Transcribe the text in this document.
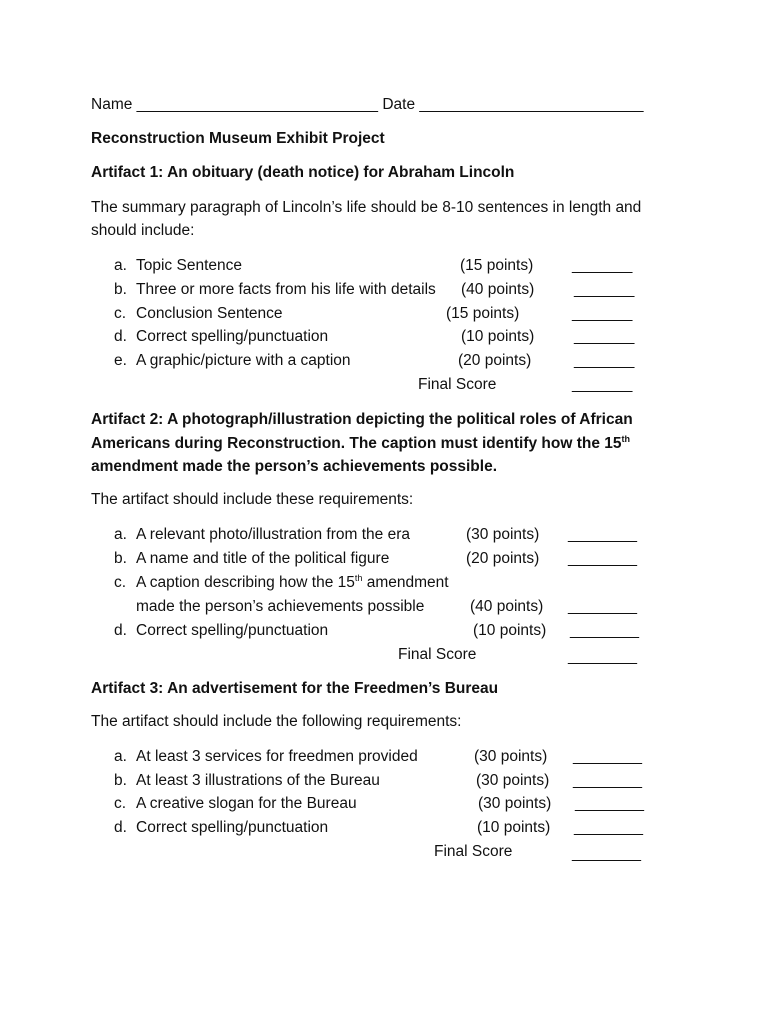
Name ____________________________ Date __________________________
Reconstruction Museum Exhibit Project
Artifact 1: An obituary (death notice) for Abraham Lincoln
The summary paragraph of Lincoln’s life should be 8-10 sentences in length and
should include:
a. Topic Sentence	(15 points)	_______
b. Three or more facts from his life with details (40 points)	_______
c. Conclusion Sentence	(15 points)	_______
d. Correct spelling/punctuation	(10 points)	_______
e. A graphic/picture with a caption	(20 points)	_______
Final Score	_______
Artifact 2: A photograph/illustration depicting the political roles of African
Americans during Reconstruction. The caption must identify how the 15th
amendment made the person’s achievements possible.
The artifact should include these requirements:
a. A relevant photo/illustration from the era	(30 points) ________
b. A name and title of the political figure	(20 points) ________
c. A caption describing how the 15th amendment
made the person’s achievements possible	(40 points) ________
d. Correct spelling/punctuation	(10 points) ________
Final Score	________
Artifact 3: An advertisement for the Freedmen’s Bureau
The artifact should include the following requirements:
a. At least 3 services for freedmen provided	(30 points) ________
b. At least 3 illustrations of the Bureau	(30 points) ________
c. A creative slogan for the Bureau	(30 points) ________
d. Correct spelling/punctuation	(10 points) ________
Final Score	________
